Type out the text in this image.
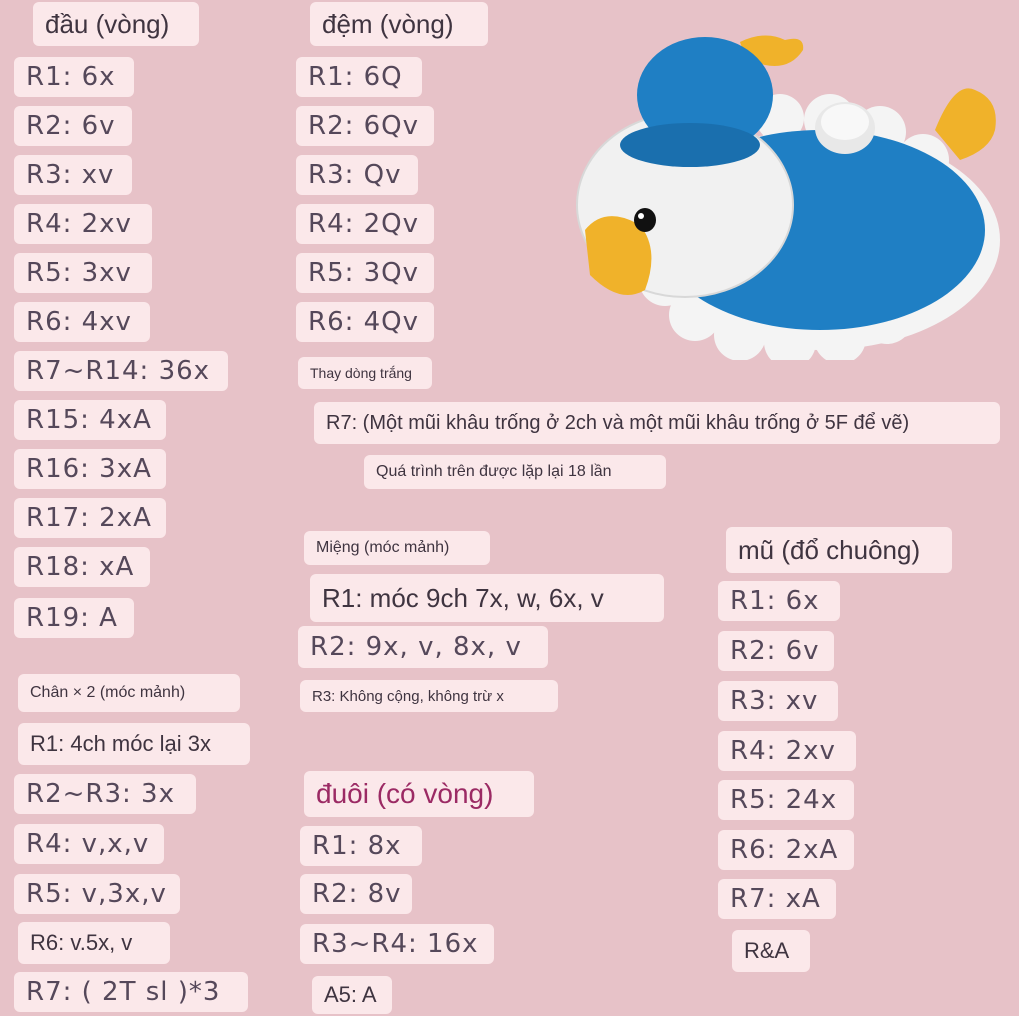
đầu (vòng)
R1: 6x
R2: 6v
R3: xv
R4: 2xv
R5: 3xv
R6: 4xv
R7~R14: 36x
R15: 4xA
R16: 3xA
R17: 2xA
R18: xA
R19: A
Chân × 2 (móc mảnh)
R1: 4ch móc lại 3x
R2~R3: 3x
R4: v,x,v
R5: v,3x,v
R6: v.5x, v
R7: ( 2T sl )*3
đệm (vòng)
R1: 6Q
R2: 6Qv
R3: Qv
R4: 2Qv
R5: 3Qv
R6: 4Qv
Thay dòng trắng
R7: (Một mũi khâu trống ở 2ch và một mũi khâu trống ở 5F để vẽ)
Quá trình trên được lặp lại 18 lần
Miệng (móc mảnh)
R1: móc 9ch 7x, w, 6x, v
R2: 9x, v, 8x, v
R3: Không cộng, không trừ x
đuôi (có vòng)
R1: 8x
R2: 8v
R3~R4: 16x
A5: A
mũ (đổ chuông)
R1: 6x
R2: 6v
R3: xv
R4: 2xv
R5: 24x
R6: 2xA
R7: xA
R&A
